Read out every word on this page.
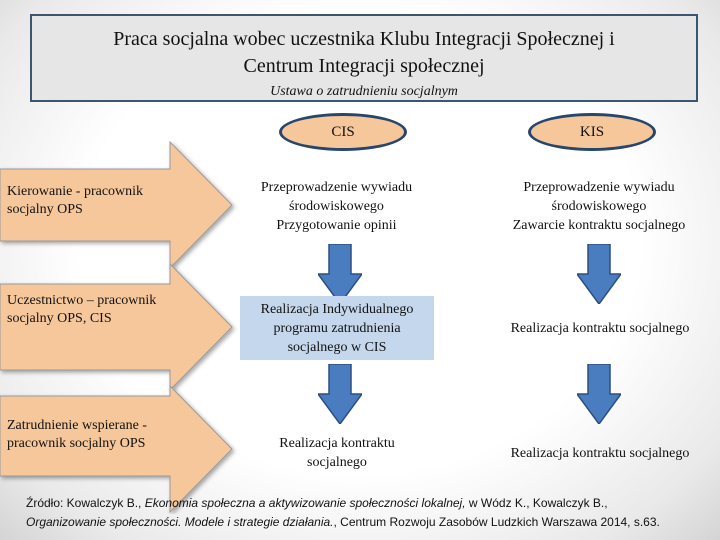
Praca socjalna wobec uczestnika Klubu Integracji Społecznej i
Centrum Integracji społecznej
Ustawa o zatrudnieniu socjalnym
CIS	KIS
Kierowanie - pracownik socjalny OPS
Uczestnictwo – pracownik socjalny OPS, CIS
Zatrudnienie wspierane - pracownik socjalny OPS
Przeprowadzenie wywiadu
środowiskowego
Przygotowanie opinii
Przeprowadzenie wywiadu
środowiskowego
Zawarcie kontraktu socjalnego
Realizacja Indywidualnego
programu zatrudnienia
socjalnego w CIS
Realizacja kontraktu socjalnego
Realizacja kontraktu
socjalnego
Realizacja kontraktu socjalnego
Źródło: Kowalczyk B., Ekonomia społeczna a aktywizowanie społeczności lokalnej, w Wódz K., Kowalczyk B.,
Organizowanie społeczności. Modele i strategie działania., Centrum Rozwoju Zasobów Ludzkich Warszawa 2014, s.63.
